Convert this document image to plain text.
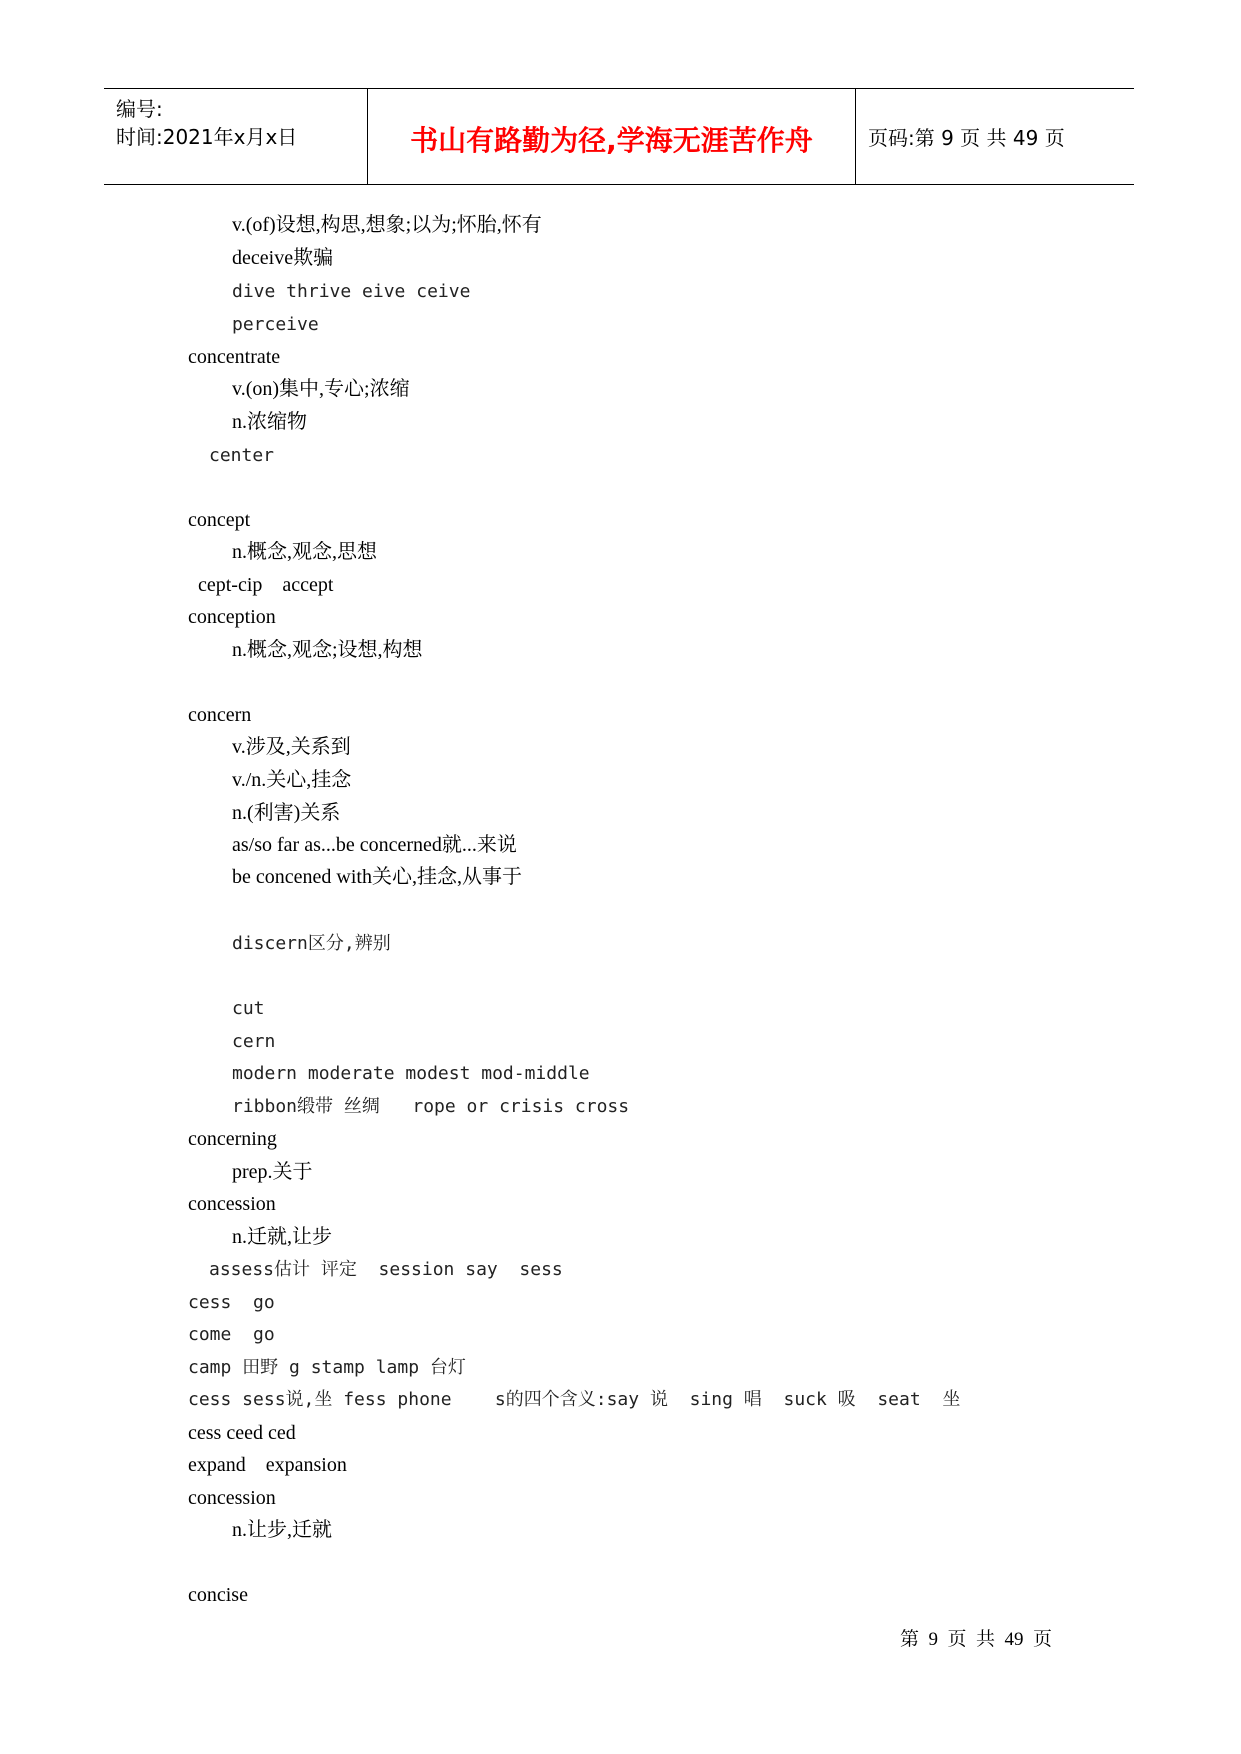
编号:
时间:2021年x月x日	书山有路勤为径,学海无涯苦作舟	页码:第 9 页 共 49 页
v.(of)设想,构思,想象;以为;怀胎,怀有
deceive欺骗
dive thrive eive ceive
perceive
concentrate
v.(on)集中,专心;浓缩
n.浓缩物
center
concept
n.概念,观念,思想
cept-cip    accept
conception
n.概念,观念;设想,构想
concern
v.涉及,关系到
v./n.关心,挂念
n.(利害)关系
as/so far as...be concerned就...来说
be concened with关心,挂念,从事于
discern区分,辨别
cut
cern
modern moderate modest mod-middle
ribbon缎带 丝绸   rope or crisis cross
concerning
prep.关于
concession
n.迁就,让步
assess估计 评定  session say  sess
cess  go
come  go
camp 田野 g stamp lamp 台灯
cess sess说,坐 fess phone    s的四个含义:say 说  sing 唱  suck 吸  seat  坐
cess ceed ced
expand    expansion
concession
n.让步,迁就
concise
第  9  页  共  49  页
